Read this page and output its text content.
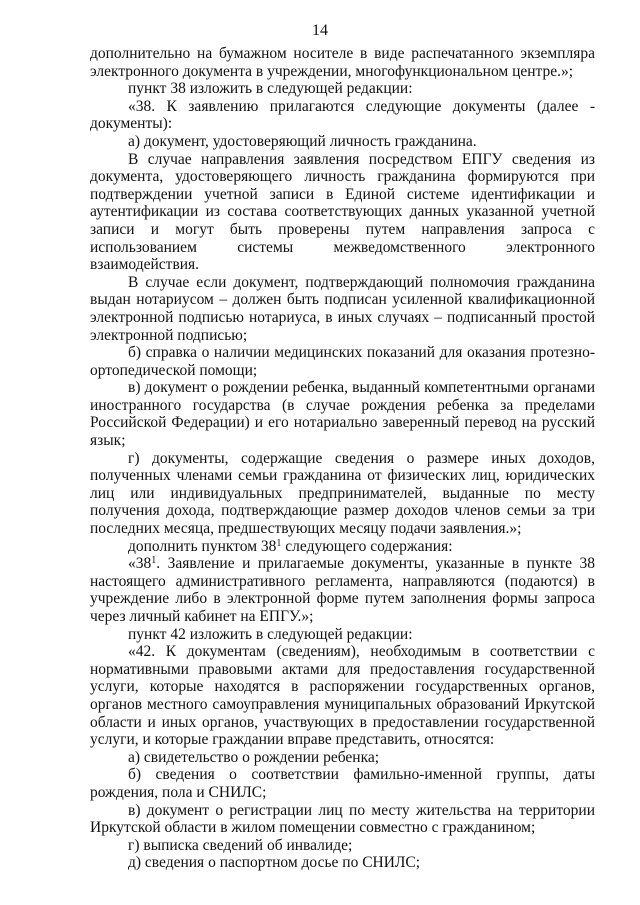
14

дополнительно на бумажном носителе в виде распечатанного экземпляра электронного документа в учреждении, многофункциональном центре.»;

пункт 38 изложить в следующей редакции:

«38. К заявлению прилагаются следующие документы (далее - документы):

а) документ, удостоверяющий личность гражданина.

В случае направления заявления посредством ЕПГУ сведения из документа, удостоверяющего личность гражданина формируются при подтверждении учетной записи в Единой системе идентификации и аутентификации из состава соответствующих данных указанной учетной записи и могут быть проверены путем направления запроса с использованием системы межведомственного электронного взаимодействия.

В случае если документ, подтверждающий полномочия гражданина выдан нотариусом – должен быть подписан усиленной квалификационной электронной подписью нотариуса, в иных случаях – подписанный простой электронной подписью;

б) справка о наличии медицинских показаний для оказания протезно-ортопедической помощи;

в) документ о рождении ребенка, выданный компетентными органами иностранного государства (в случае рождения ребенка за пределами Российской Федерации) и его нотариально заверенный перевод на русский язык;

г) документы, содержащие сведения о размере иных доходов, полученных членами семьи гражданина от физических лиц, юридических лиц или индивидуальных предпринимателей, выданные по месту получения дохода, подтверждающие размер доходов членов семьи за три последних месяца, предшествующих месяцу подачи заявления.»;

дополнить пунктом $38^1$ следующего содержания:

«$38^1$. Заявление и прилагаемые документы, указанные в пункте 38 настоящего административного регламента, направляются (подаются) в учреждение либо в электронной форме путем заполнения формы запроса через личный кабинет на ЕПГУ.»;

пункт 42 изложить в следующей редакции:

«42. К документам (сведениям), необходимым в соответствии с нормативными правовыми актами для предоставления государственной услуги, которые находятся в распоряжении государственных органов, органов местного самоуправления муниципальных образований Иркутской области и иных органов, участвующих в предоставлении государственной услуги, и которые граждании вправе представить, относятся:

а) свидетельство о рождении ребенка;

б) сведения о соответствии фамильно-именной группы, даты рождения, пола и СНИЛС;

в) документ о регистрации лиц по месту жительства на территории Иркутской области в жилом помещении совместно с гражданином;

г) выписка сведений об инвалиде;

д) сведения о паспортном досье по СНИЛС;
